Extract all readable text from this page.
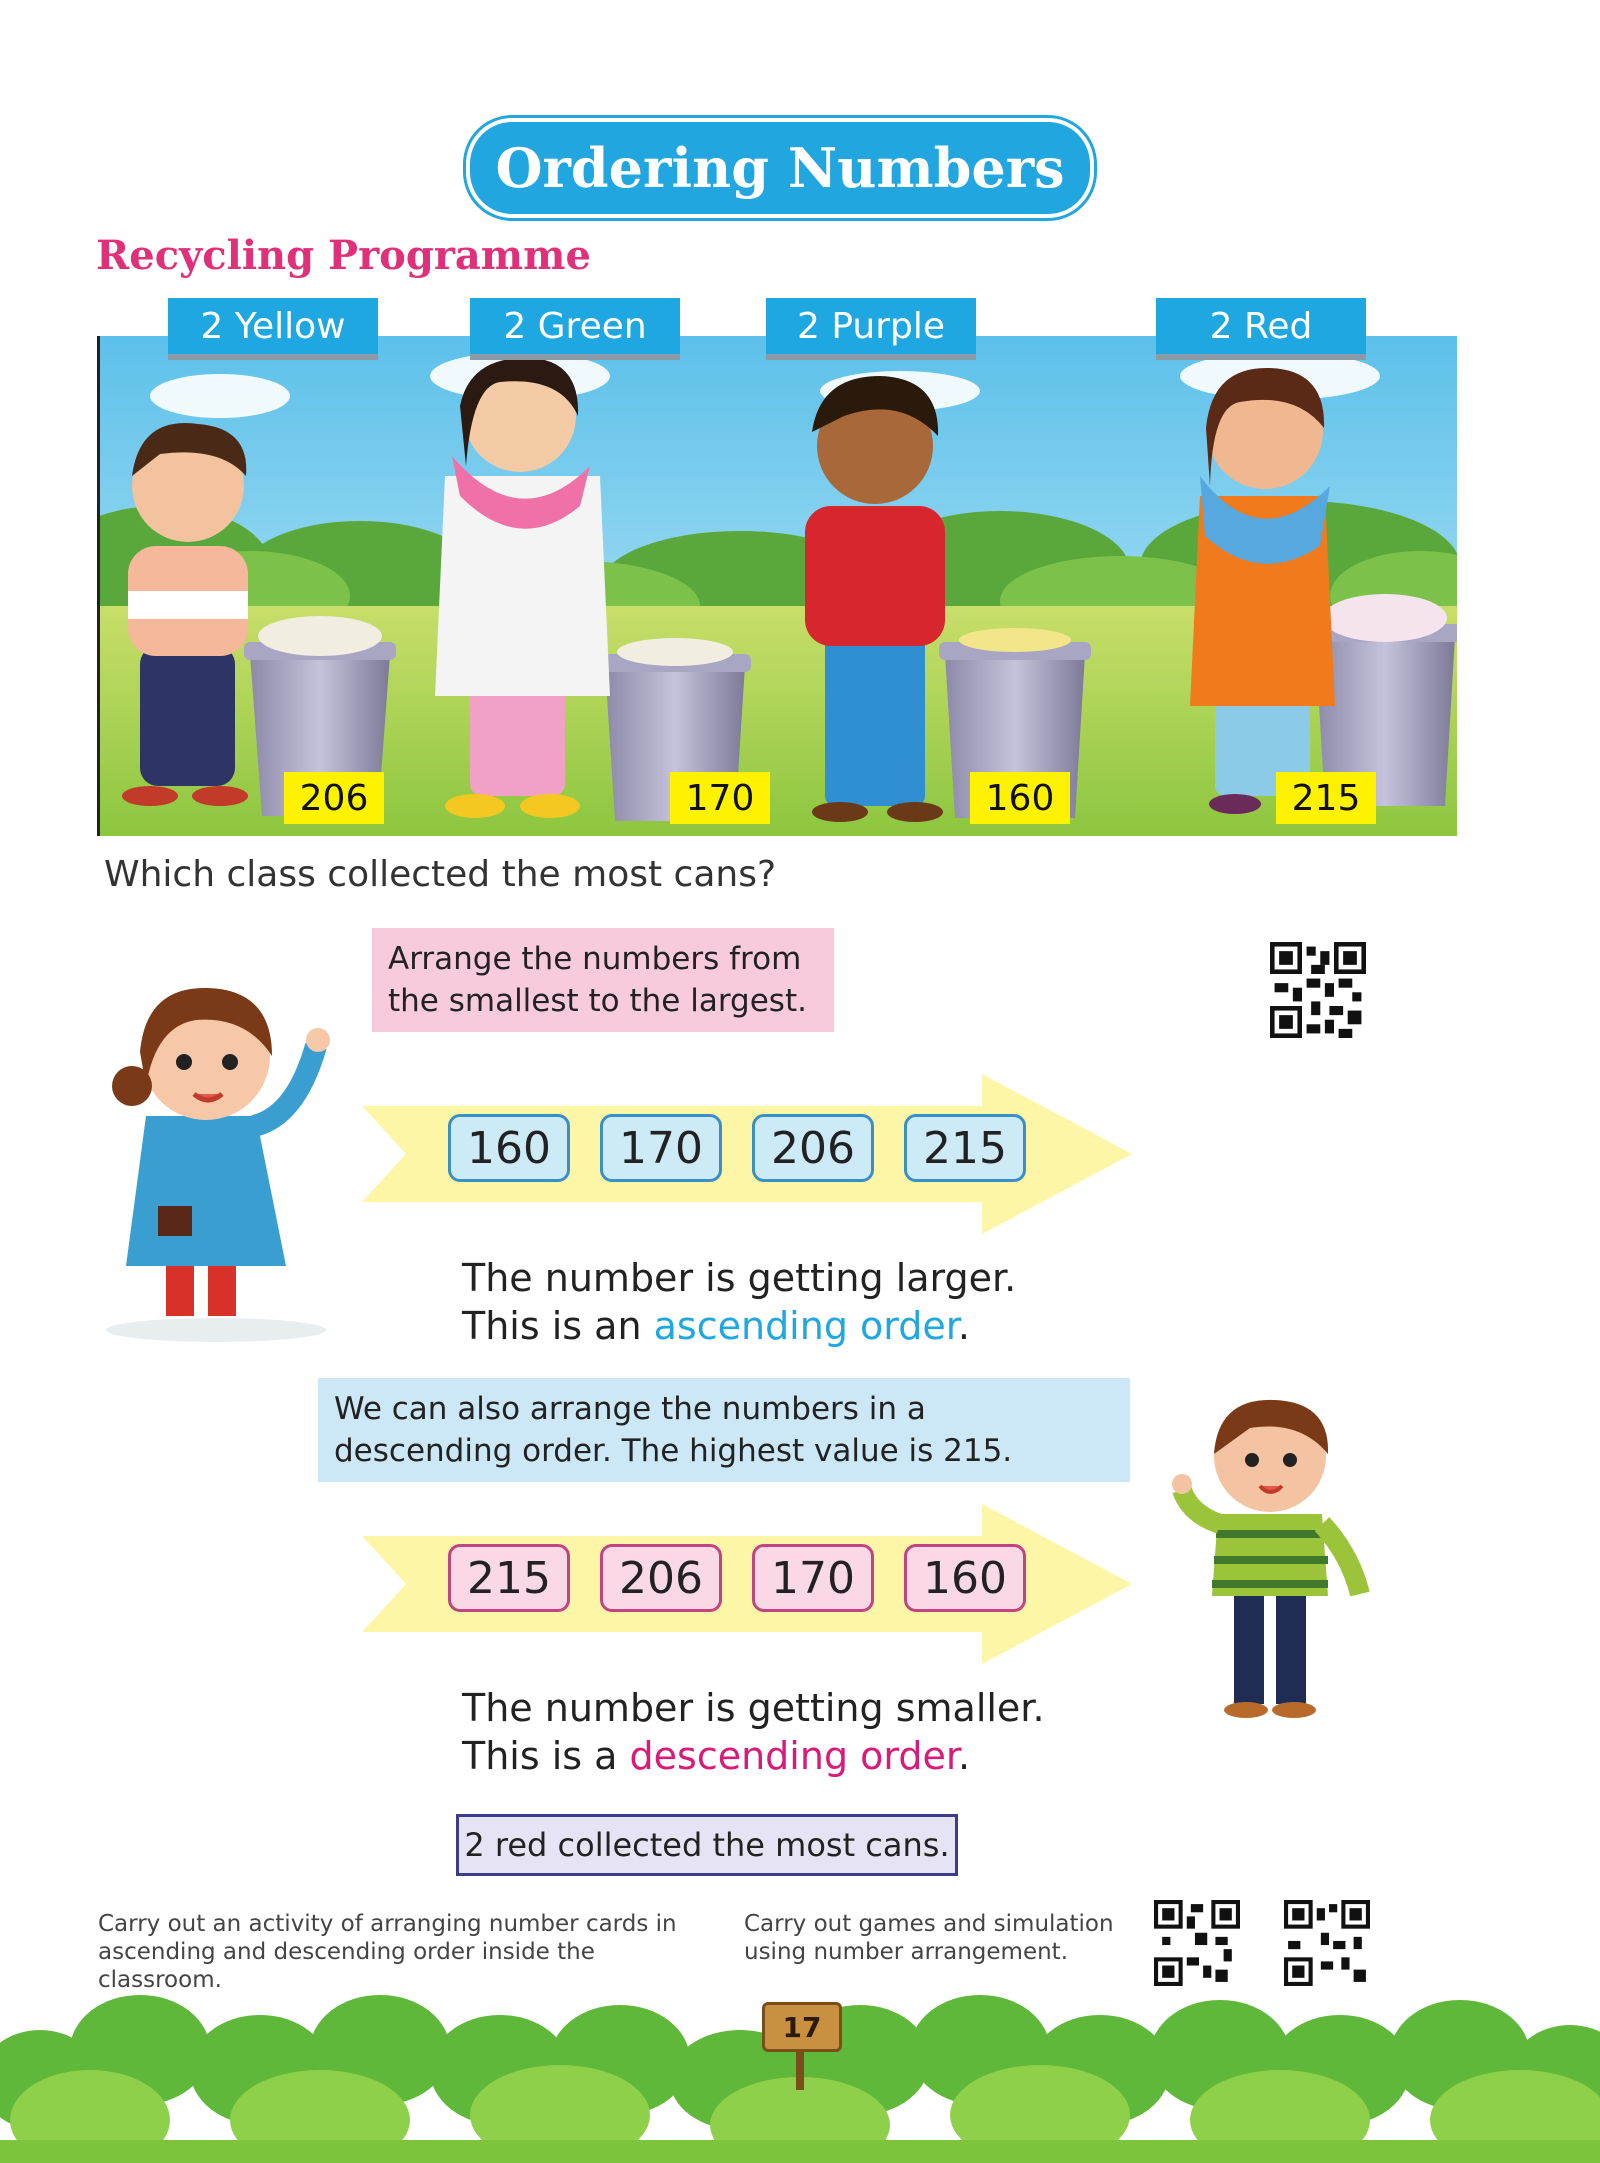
Ordering Numbers
Recycling Programme
2 Yellow	2 Green	2 Purple	2 Red
206	170	160	215
Which class collected the most cans?
Arrange the numbers from the smallest to the largest.
160	170	206	215
The number is getting larger.
This is an ascending order.
We can also arrange the numbers in a descending order. The highest value is 215.
215	206	170	160
The number is getting smaller.
This is a descending order.
2 red collected the most cans.
Carry out an activity of arranging number cards in ascending and descending order inside the classroom.
Carry out games and simulation using number arrangement.
17
